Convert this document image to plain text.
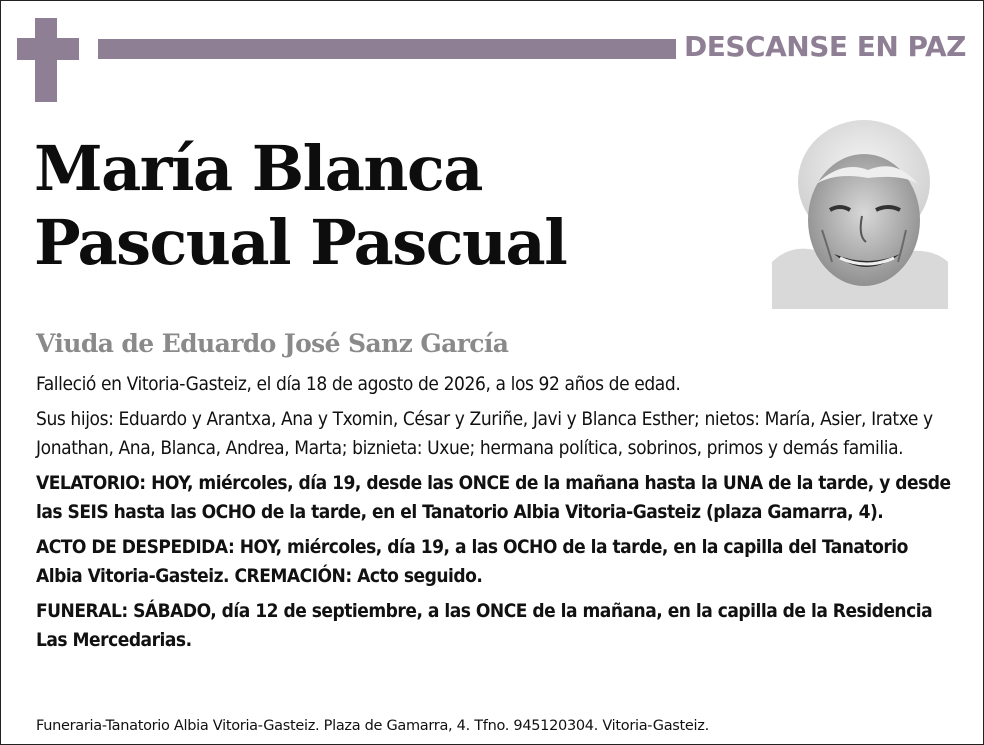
DESCANSE EN PAZ
María Blanca
Pascual Pascual
Viuda de Eduardo José Sanz García

Falleció en Vitoria-Gasteiz, el día 18 de agosto de 2026, a los 92 años de edad.

Sus hijos: Eduardo y Arantxa, Ana y Txomin, César y Zuriñe, Javi y Blanca Esther; nietos: María, Asier, Iratxe y Jonathan, Ana, Blanca, Andrea, Marta; biznieta: Uxue; hermana política, sobrinos, primos y demás familia.

VELATORIO: HOY, miércoles, día 19, desde las ONCE de la mañana hasta la UNA de la tarde, y desde las SEIS hasta las OCHO de la tarde, en el Tanatorio Albia Vitoria-Gasteiz (plaza Gamarra, 4).

ACTO DE DESPEDIDA: HOY, miércoles, día 19, a las OCHO de la tarde, en la capilla del Tanatorio Albia Vitoria-Gasteiz. CREMACIÓN: Acto seguido.

FUNERAL: SÁBADO, día 12 de septiembre, a las ONCE de la mañana, en la capilla de la Residencia Las Mercedarias.

Funeraria-Tanatorio Albia Vitoria-Gasteiz. Plaza de Gamarra, 4. Tfno. 945120304. Vitoria-Gasteiz.
